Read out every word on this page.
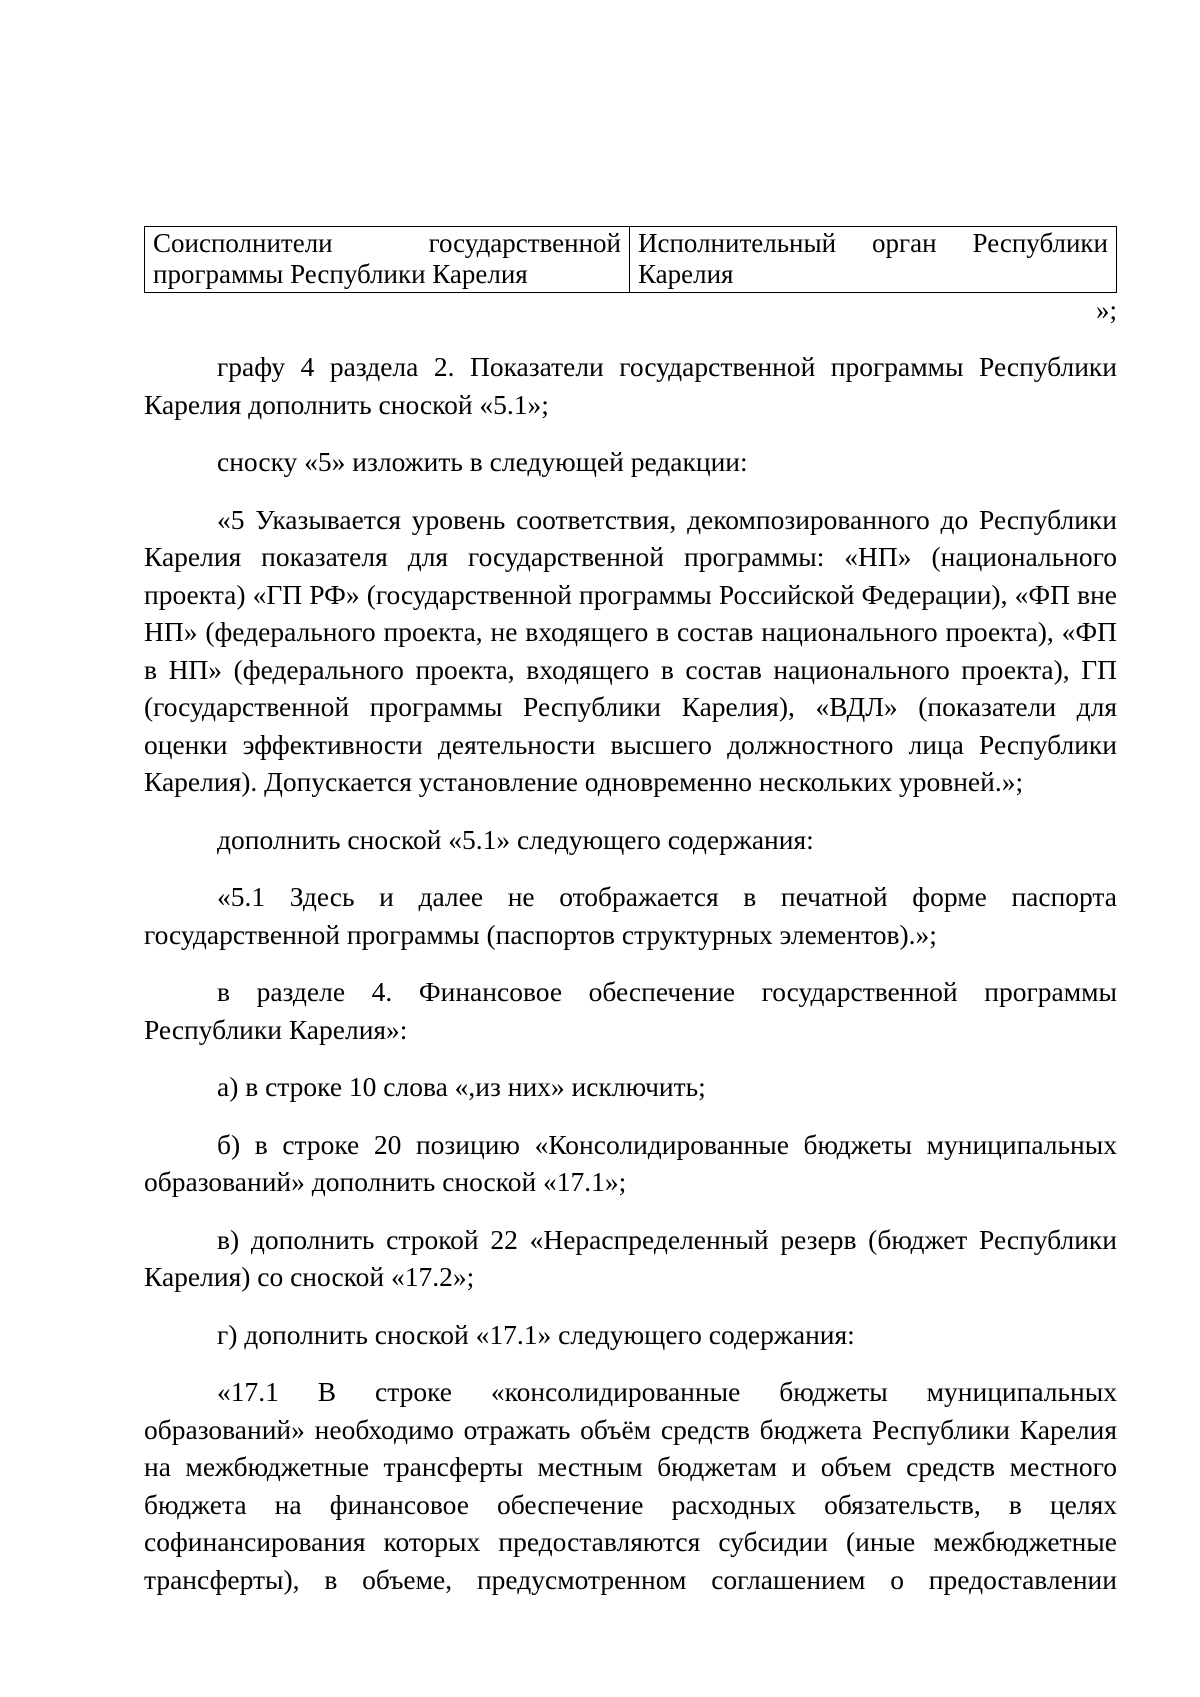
Соисполнители государственной программы Республики Карелия	Исполнительный орган Республики Карелия
»;

графу 4 раздела 2. Показатели государственной программы Республики Карелия дополнить сноской «5.1»;

сноску «5» изложить в следующей редакции:

«5 Указывается уровень соответствия, декомпозированного до Республики Карелия показателя для государственной программы: «НП» (национального проекта) «ГП РФ» (государственной программы Российской Федерации), «ФП вне НП» (федерального проекта, не входящего в состав национального проекта), «ФП в НП» (федерального проекта, входящего в состав национального проекта), ГП (государственной программы Республики Карелия), «ВДЛ» (показатели для оценки эффективности деятельности высшего должностного лица Республики Карелия). Допускается установление одновременно нескольких уровней.»;

дополнить сноской «5.1» следующего содержания:

«5.1 Здесь и далее не отображается в печатной форме паспорта государственной программы (паспортов структурных элементов).»;

в разделе 4. Финансовое обеспечение государственной программы Республики Карелия»:

а) в строке 10 слова «,из них» исключить;

б) в строке 20 позицию «Консолидированные бюджеты муниципальных образований» дополнить сноской «17.1»;

в) дополнить строкой 22 «Нераспределенный резерв (бюджет Республики Карелия) со сноской «17.2»;

г) дополнить сноской «17.1» следующего содержания:

«17.1 В строке «консолидированные бюджеты муниципальных образований» необходимо отражать объём средств бюджета Республики Карелия на межбюджетные трансферты местным бюджетам и объем средств местного бюджета на финансовое обеспечение расходных обязательств, в целях софинансирования которых предоставляются субсидии (иные межбюджетные трансферты), в объеме, предусмотренном соглашением о предоставлении
